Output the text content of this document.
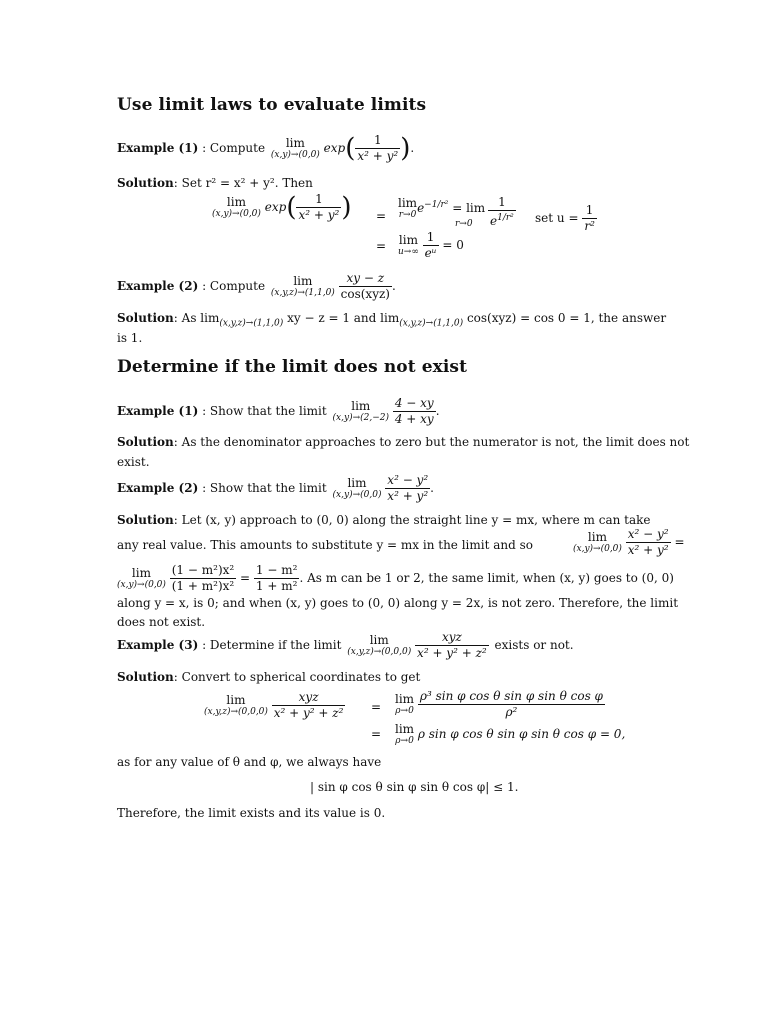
Use limit laws to evaluate limits
Example (1) : Compute	lim
(x,y)→(0,0) $\exp( \frac{1}{\text{x² + y²}}$ ).
Solution: Set r² = x² + y². Then
lim
(x,y)→(0,0) $\exp( \frac{1}{\text{x² + y²}}$ ) =
lim
r→0 $e^{-1/r^2} = \lim$
$r\to 0 \frac{1}{e^{1/r^2}}$ set $u = \frac{1}{\text{r²}}$
= lim
u→∞
$\frac{1}{\text{eᵘ}} = 0$
Example (2) : Compute	lim
(x,y,z)→(1,1,0)
$\frac{xy - z}{\text{cos(xyz)}}$ .
Solution: As $\lim_{(x,y,z)\to(1,1,0)}$ xy − z = 1 and $\lim_{(x,y,z)\to(1,1,0)} \cos(xyz) = \cos 0 = 1$, the answer
is 1.
Determine if the limit does not exist
Example (1) : Show that the limit	lim
(x,y)→(2,−2)
$\frac{4 - xy}{4 + xy}$ .
Solution: As the denominator approaches to zero but the numerator is not, the limit does not
exist.
Example (2) : Show that the limit	lim
(x,y)→(0,0)
$\frac{\text{x² − y²}}{\text{x² + y²}}$ .
Solution: Let (x, y) approach to (0, 0) along the straight line y = mx, where m can take
any real value. This amounts to substitute y = mx in the limit and so
lim
(x,y)→(0,0)
$\frac{\text{x² − y²}}{\text{x² + y²}}$ =
lim
(x,y)→(0,0)
$\frac{\text{(1 − m²)x²}}{\text{(1 + m²)x²}} = \frac{\text{1 − m²}}{\text{1 + m²}}$ . As m can be 1 or 2, the same limit, when (x, y) goes to (0, 0)
along y = x, is 0; and when (x, y) goes to (0, 0) along y = 2x, is not zero. Therefore, the limit
does not exist.
Example (3) : Determine if the limit	lim
(x,y,z)→(0,0,0)
$\frac{\text{xyz}}{\text{x² + y² + z²}}$ exists or not.
Solution: Convert to spherical coordinates to get
lim
(x,y,z)→(0,0,0)
$\frac{\text{xyz}}{\text{x² + y² + z²}}$ =
lim
ρ→0
$\frac{\text{ρ³ sin φ cos θ sin φ sin θ cos φ}}{\text{ρ²}}$
= lim
ρ→0 ρ sin φ cos θ sin φ sin θ cos φ = 0,
as for any value of θ and φ, we always have
| sin φ cos θ sin φ sin θ cos φ| ≤ 1.
Therefore, the limit exists and its value is 0.
